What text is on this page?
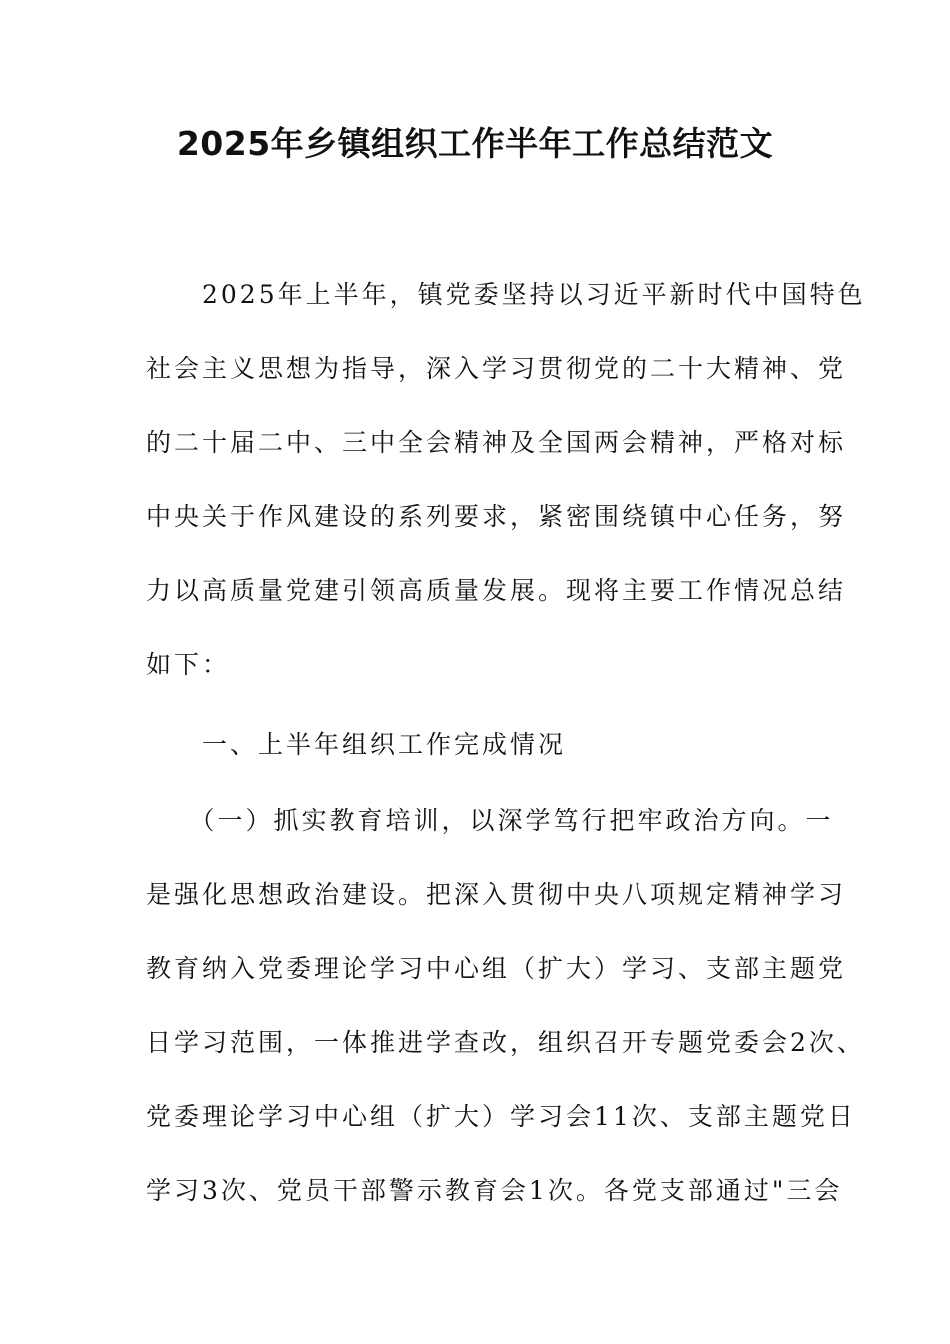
2025年乡镇组织工作半年工作总结范文

　　2025年上半年，镇党委坚持以习近平新时代中国特色

社会主义思想为指导，深入学习贯彻党的二十大精神、党

的二十届二中、三中全会精神及全国两会精神，严格对标

中央关于作风建设的系列要求，紧密围绕镇中心任务，努

力以高质量党建引领高质量发展。现将主要工作情况总结

如下：

　　一、上半年组织工作完成情况

　　（一）抓实教育培训，以深学笃行把牢政治方向。一

是强化思想政治建设。把深入贯彻中央八项规定精神学习

教育纳入党委理论学习中心组（扩大）学习、支部主题党

日学习范围，一体推进学查改，组织召开专题党委会2次、

党委理论学习中心组（扩大）学习会11次、支部主题党日

学习3次、党员干部警示教育会1次。各党支部通过"三会
